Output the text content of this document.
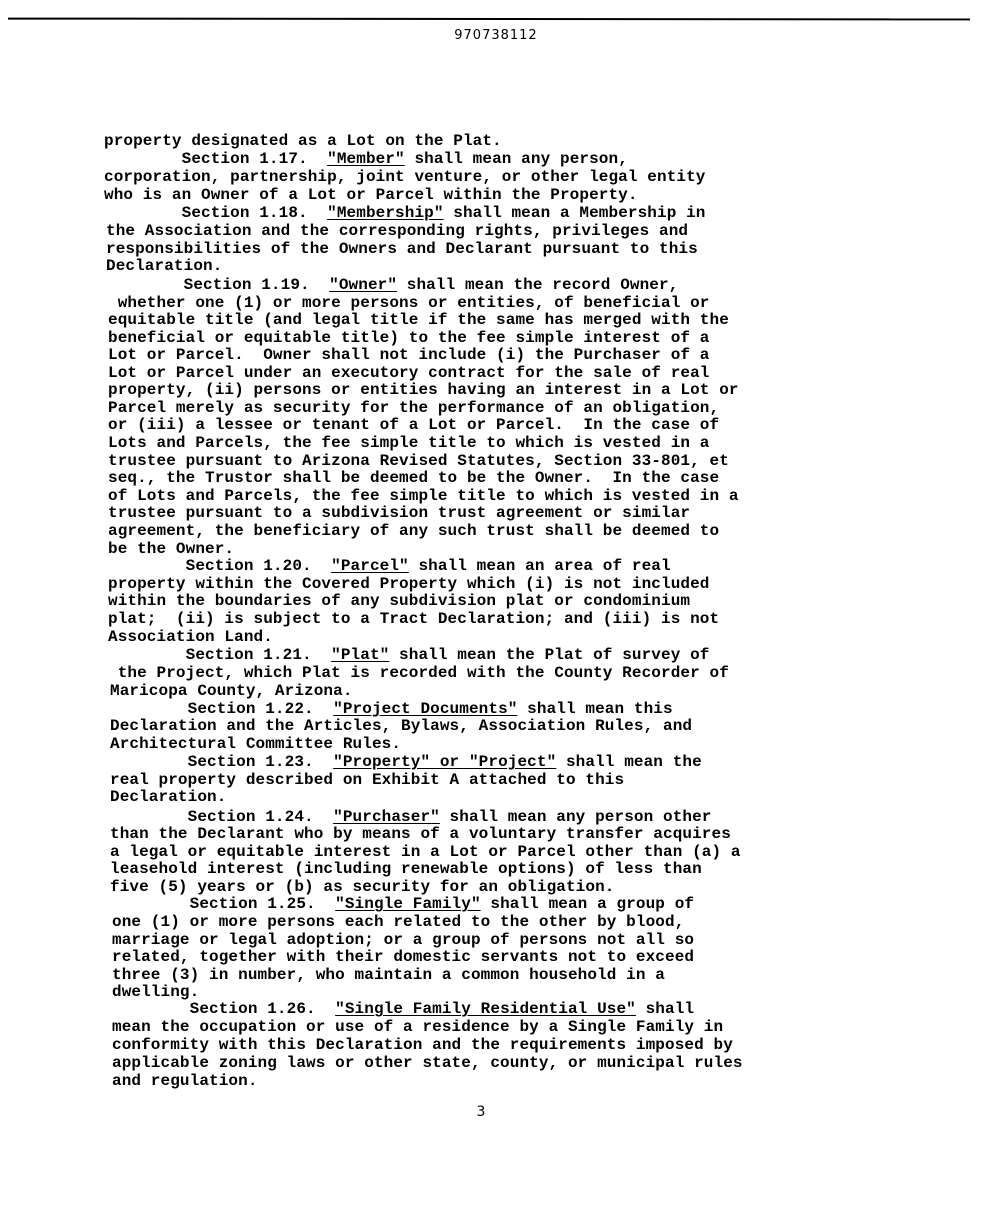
970738112
3
property designated as a Lot on the Plat.
Section 1.17.  "Member" shall mean any person,
corporation, partnership, joint venture, or other legal entity
who is an Owner of a Lot or Parcel within the Property.
Section 1.18.  "Membership" shall mean a Membership in
the Association and the corresponding rights, privileges and
responsibilities of the Owners and Declarant pursuant to this
Declaration.
Section 1.19.  "Owner" shall mean the record Owner,
whether one (1) or more persons or entities, of beneficial or
equitable title (and legal title if the same has merged with the
beneficial or equitable title) to the fee simple interest of a
Lot or Parcel.  Owner shall not include (i) the Purchaser of a
Lot or Parcel under an executory contract for the sale of real
property, (ii) persons or entities having an interest in a Lot or
Parcel merely as security for the performance of an obligation,
or (iii) a lessee or tenant of a Lot or Parcel.  In the case of
Lots and Parcels, the fee simple title to which is vested in a
trustee pursuant to Arizona Revised Statutes, Section 33-801, et
seq., the Trustor shall be deemed to be the Owner.  In the case
of Lots and Parcels, the fee simple title to which is vested in a
trustee pursuant to a subdivision trust agreement or similar
agreement, the beneficiary of any such trust shall be deemed to
be the Owner.
Section 1.20.  "Parcel" shall mean an area of real
property within the Covered Property which (i) is not included
within the boundaries of any subdivision plat or condominium
plat;  (ii) is subject to a Tract Declaration; and (iii) is not
Association Land.
Section 1.21.  "Plat" shall mean the Plat of survey of
the Project, which Plat is recorded with the County Recorder of
Maricopa County, Arizona.
Section 1.22.  "Project Documents" shall mean this
Declaration and the Articles, Bylaws, Association Rules, and
Architectural Committee Rules.
Section 1.23.  "Property" or "Project" shall mean the
real property described on Exhibit A attached to this
Declaration.
Section 1.24.  "Purchaser" shall mean any person other
than the Declarant who by means of a voluntary transfer acquires
a legal or equitable interest in a Lot or Parcel other than (a) a
leasehold interest (including renewable options) of less than
five (5) years or (b) as security for an obligation.
Section 1.25.  "Single Family" shall mean a group of
one (1) or more persons each related to the other by blood,
marriage or legal adoption; or a group of persons not all so
related, together with their domestic servants not to exceed
three (3) in number, who maintain a common household in a
dwelling.
Section 1.26.  "Single Family Residential Use" shall
mean the occupation or use of a residence by a Single Family in
conformity with this Declaration and the requirements imposed by
applicable zoning laws or other state, county, or municipal rules
and regulation.
